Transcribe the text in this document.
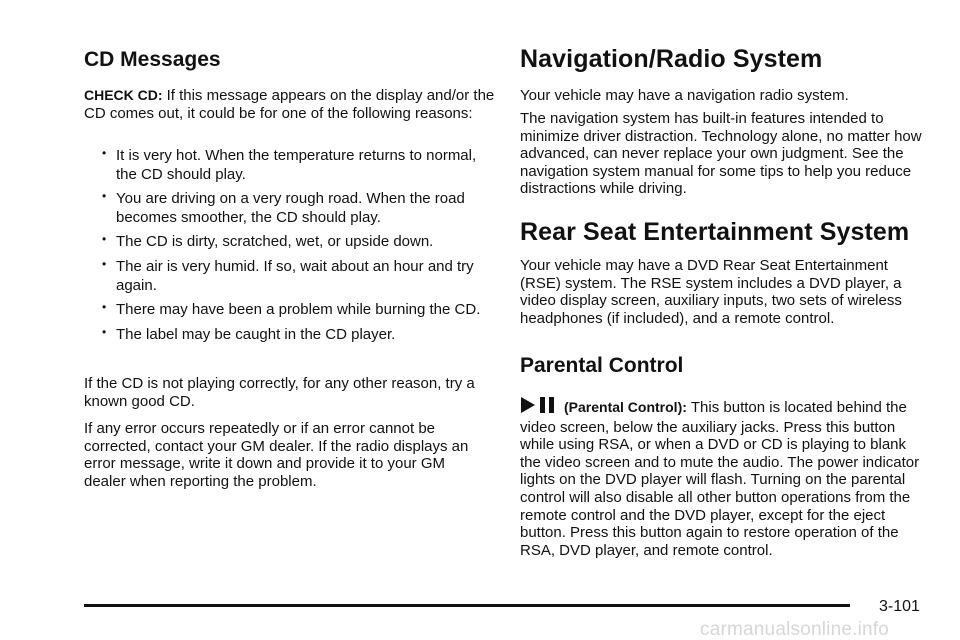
CD Messages

CHECK CD: If this message appears on the display and/or the CD comes out, it could be for one of the following reasons:

• It is very hot. When the temperature returns to normal, the CD should play.
• You are driving on a very rough road. When the road becomes smoother, the CD should play.
• The CD is dirty, scratched, wet, or upside down.
• The air is very humid. If so, wait about an hour and try again.
• There may have been a problem while burning the CD.
• The label may be caught in the CD player.

If the CD is not playing correctly, for any other reason, try a known good CD.

If any error occurs repeatedly or if an error cannot be corrected, contact your GM dealer. If the radio displays an error message, write it down and provide it to your GM dealer when reporting the problem.

Navigation/Radio System

Your vehicle may have a navigation radio system.

The navigation system has built-in features intended to minimize driver distraction. Technology alone, no matter how advanced, can never replace your own judgment. See the navigation system manual for some tips to help you reduce distractions while driving.

Rear Seat Entertainment System

Your vehicle may have a DVD Rear Seat Entertainment (RSE) system. The RSE system includes a DVD player, a video display screen, auxiliary inputs, two sets of wireless headphones (if included), and a remote control.

Parental Control

(Parental Control): This button is located behind the video screen, below the auxiliary jacks. Press this button while using RSA, or when a DVD or CD is playing to blank the video screen and to mute the audio. The power indicator lights on the DVD player will flash. Turning on the parental control will also disable all other button operations from the remote control and the DVD player, except for the eject button. Press this button again to restore operation of the RSA, DVD player, and remote control.

3-101
carmanualsonline.info
